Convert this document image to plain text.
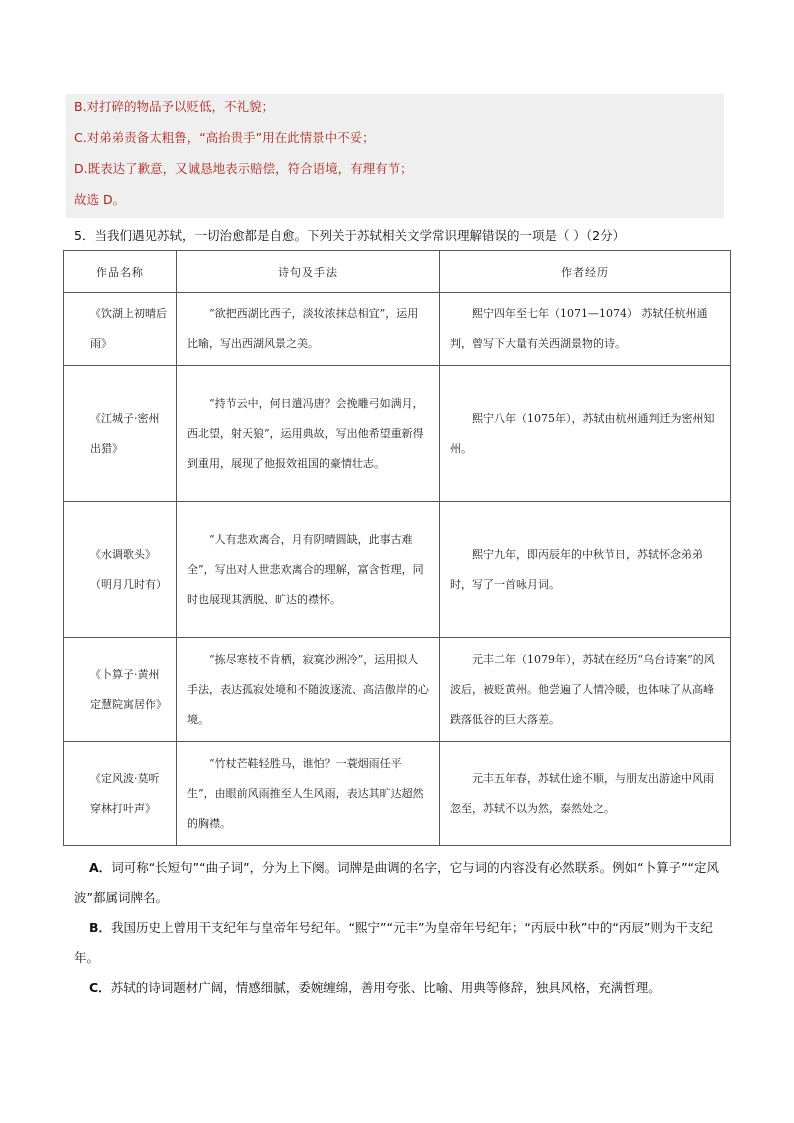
B.对打碎的物品予以贬低，不礼貌；
C.对弟弟责备太粗鲁，“高抬贵手”用在此情景中不妥；
D.既表达了歉意，又诚恳地表示赔偿，符合语境，有理有节；
故选 D。
5．当我们遇见苏轼，一切治愈都是自愈。下列关于苏轼相关文学常识理解错误的一项是（ ）（2分）
作品名称	诗句及手法	作者经历
《饮湖上初晴后雨》	“欲把西湖比西子，淡妆浓抹总相宜”，运用比喻，写出西湖风景之美。	熙宁四年至七年（1071—1074） 苏轼任杭州通判，曾写下大量有关西湖景物的诗。

《江城子·密州出猎》	“持节云中，何日遣冯唐？会挽雕弓如满月，西北望，射天狼”，运用典故，写出他希望重新得到重用，展现了他报效祖国的豪情壮志。	熙宁八年（1075年），苏轼由杭州通判迁为密州知州。

《水调歌头》（明月几时有）	“人有悲欢离合，月有阴晴圆缺，此事古难全”，写出对人世悲欢离合的理解，富含哲理，同时也展现其洒脱、旷达的襟怀。	熙宁九年，即丙辰年的中秋节日，苏轼怀念弟弟时，写了一首咏月词。

《卜算子·黄州定慧院寓居作》	“拣尽寒枝不肯栖，寂寞沙洲冷”，运用拟人手法，表达孤寂处境和不随波逐流、高洁傲岸的心境。	元丰二年（1079年），苏轼在经历“乌台诗案”的风波后，被贬黄州。他尝遍了人情冷暖，也体味了从高峰跌落低谷的巨大落差。

《定风波·莫听穿林打叶声》	“竹杖芒鞋轻胜马，谁怕？一蓑烟雨任平生”，由眼前风雨推至人生风雨，表达其旷达超然的胸襟。	元丰五年春，苏轼仕途不顺，与朋友出游途中风雨忽至，苏轼不以为然，泰然处之。

A．词可称“长短句”“曲子词”，分为上下阕。词牌是曲调的名字，它与词的内容没有必然联系。例如“卜算子”“定风波”都属词牌名。

B．我国历史上曾用干支纪年与皇帝年号纪年。“熙宁”“元丰”为皇帝年号纪年；“丙辰中秋”中的“丙辰”则为干支纪年。

C．苏轼的诗词题材广阔，情感细腻，委婉缠绵，善用夸张、比喻、用典等修辞，独具风格，充满哲理。
